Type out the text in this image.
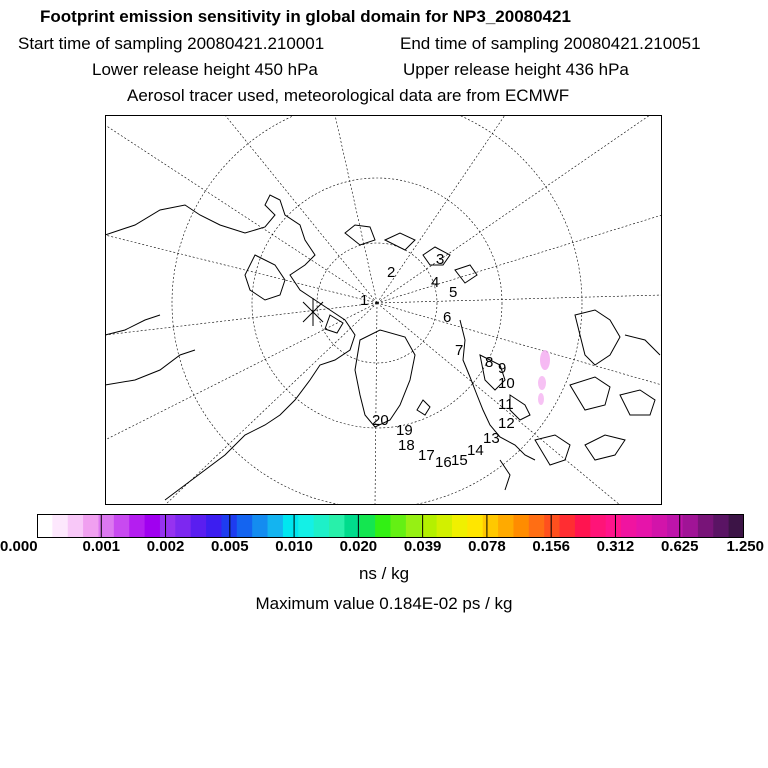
Footprint emission sensitivity in global domain for NP3_20080421
Start time of sampling 20080421.210001	End time of sampling 20080421.210051
Lower release height 450 hPa	Upper release height 436 hPa
Aerosol tracer used, meteorological data are from ECMWF
1
2
3
4
5
6
7
8 9
10
11
12
13
14
15
16
17
18
19
20
0.000	0.001 0.002 0.005 0.010 0.020 0.039 0.078 0.156 0.312 0.625 1.250
ns / kg
Maximum value 0.184E-02 ps / kg
